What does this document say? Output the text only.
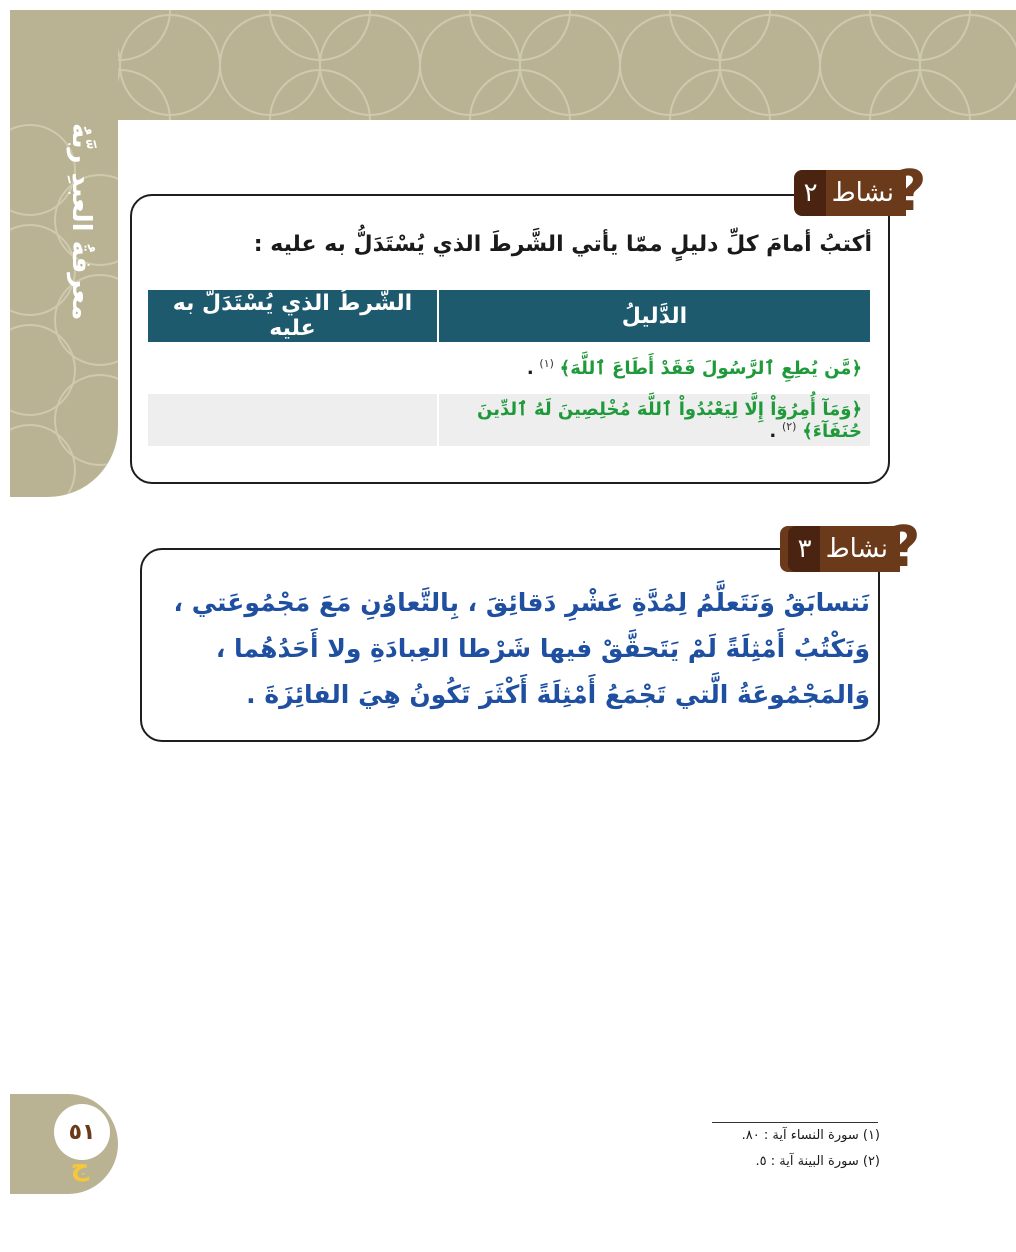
معرفةُ العبدِ ربَّهُ	نشاط
٢ ?
أكتبُ أمامَ كلِّ دليلٍ ممّا يأتي الشَّرطَ الذي يُسْتَدَلُّ به عليه :
الدَّليلُ	الشَّرطُ الذي يُسْتَدَلُّ به عليه
﴿مَّن يُطِعِ ٱلرَّسُولَ فَقَدْ أَطَاعَ ٱللَّهَ﴾ $^{(١)}$ .	
﴿وَمَآ أُمِرُوٓاْ إِلَّا لِيَعْبُدُواْ ٱللَّهَ مُخْلِصِينَ لَهُ ٱلدِّينَ حُنَفَآءَ﴾ $^{(٢)}$ .	
نشاط
٣ ?
نَتسابَقُ وَنَتَعلَّمُ لِمُدَّةِ عَشْرِ دَقائِقَ ، بِالتَّعاوُنِ مَعَ مَجْمُوعَتي ، وَنَكْتُبُ أَمْثِلَةً لَمْ يَتَحقَّقْ فيها شَرْطا العِبادَةِ ولا أَحَدُهُما ، وَالمَجْمُوعَةُ الَّتي تَجْمَعُ أَمْثِلَةً أَكْثَرَ تَكُونُ هِيَ الفائِزَةَ .
٥١
ج
(١) سورة النساء آية : ٨٠.
(٢) سورة البينة آية : ٥.
